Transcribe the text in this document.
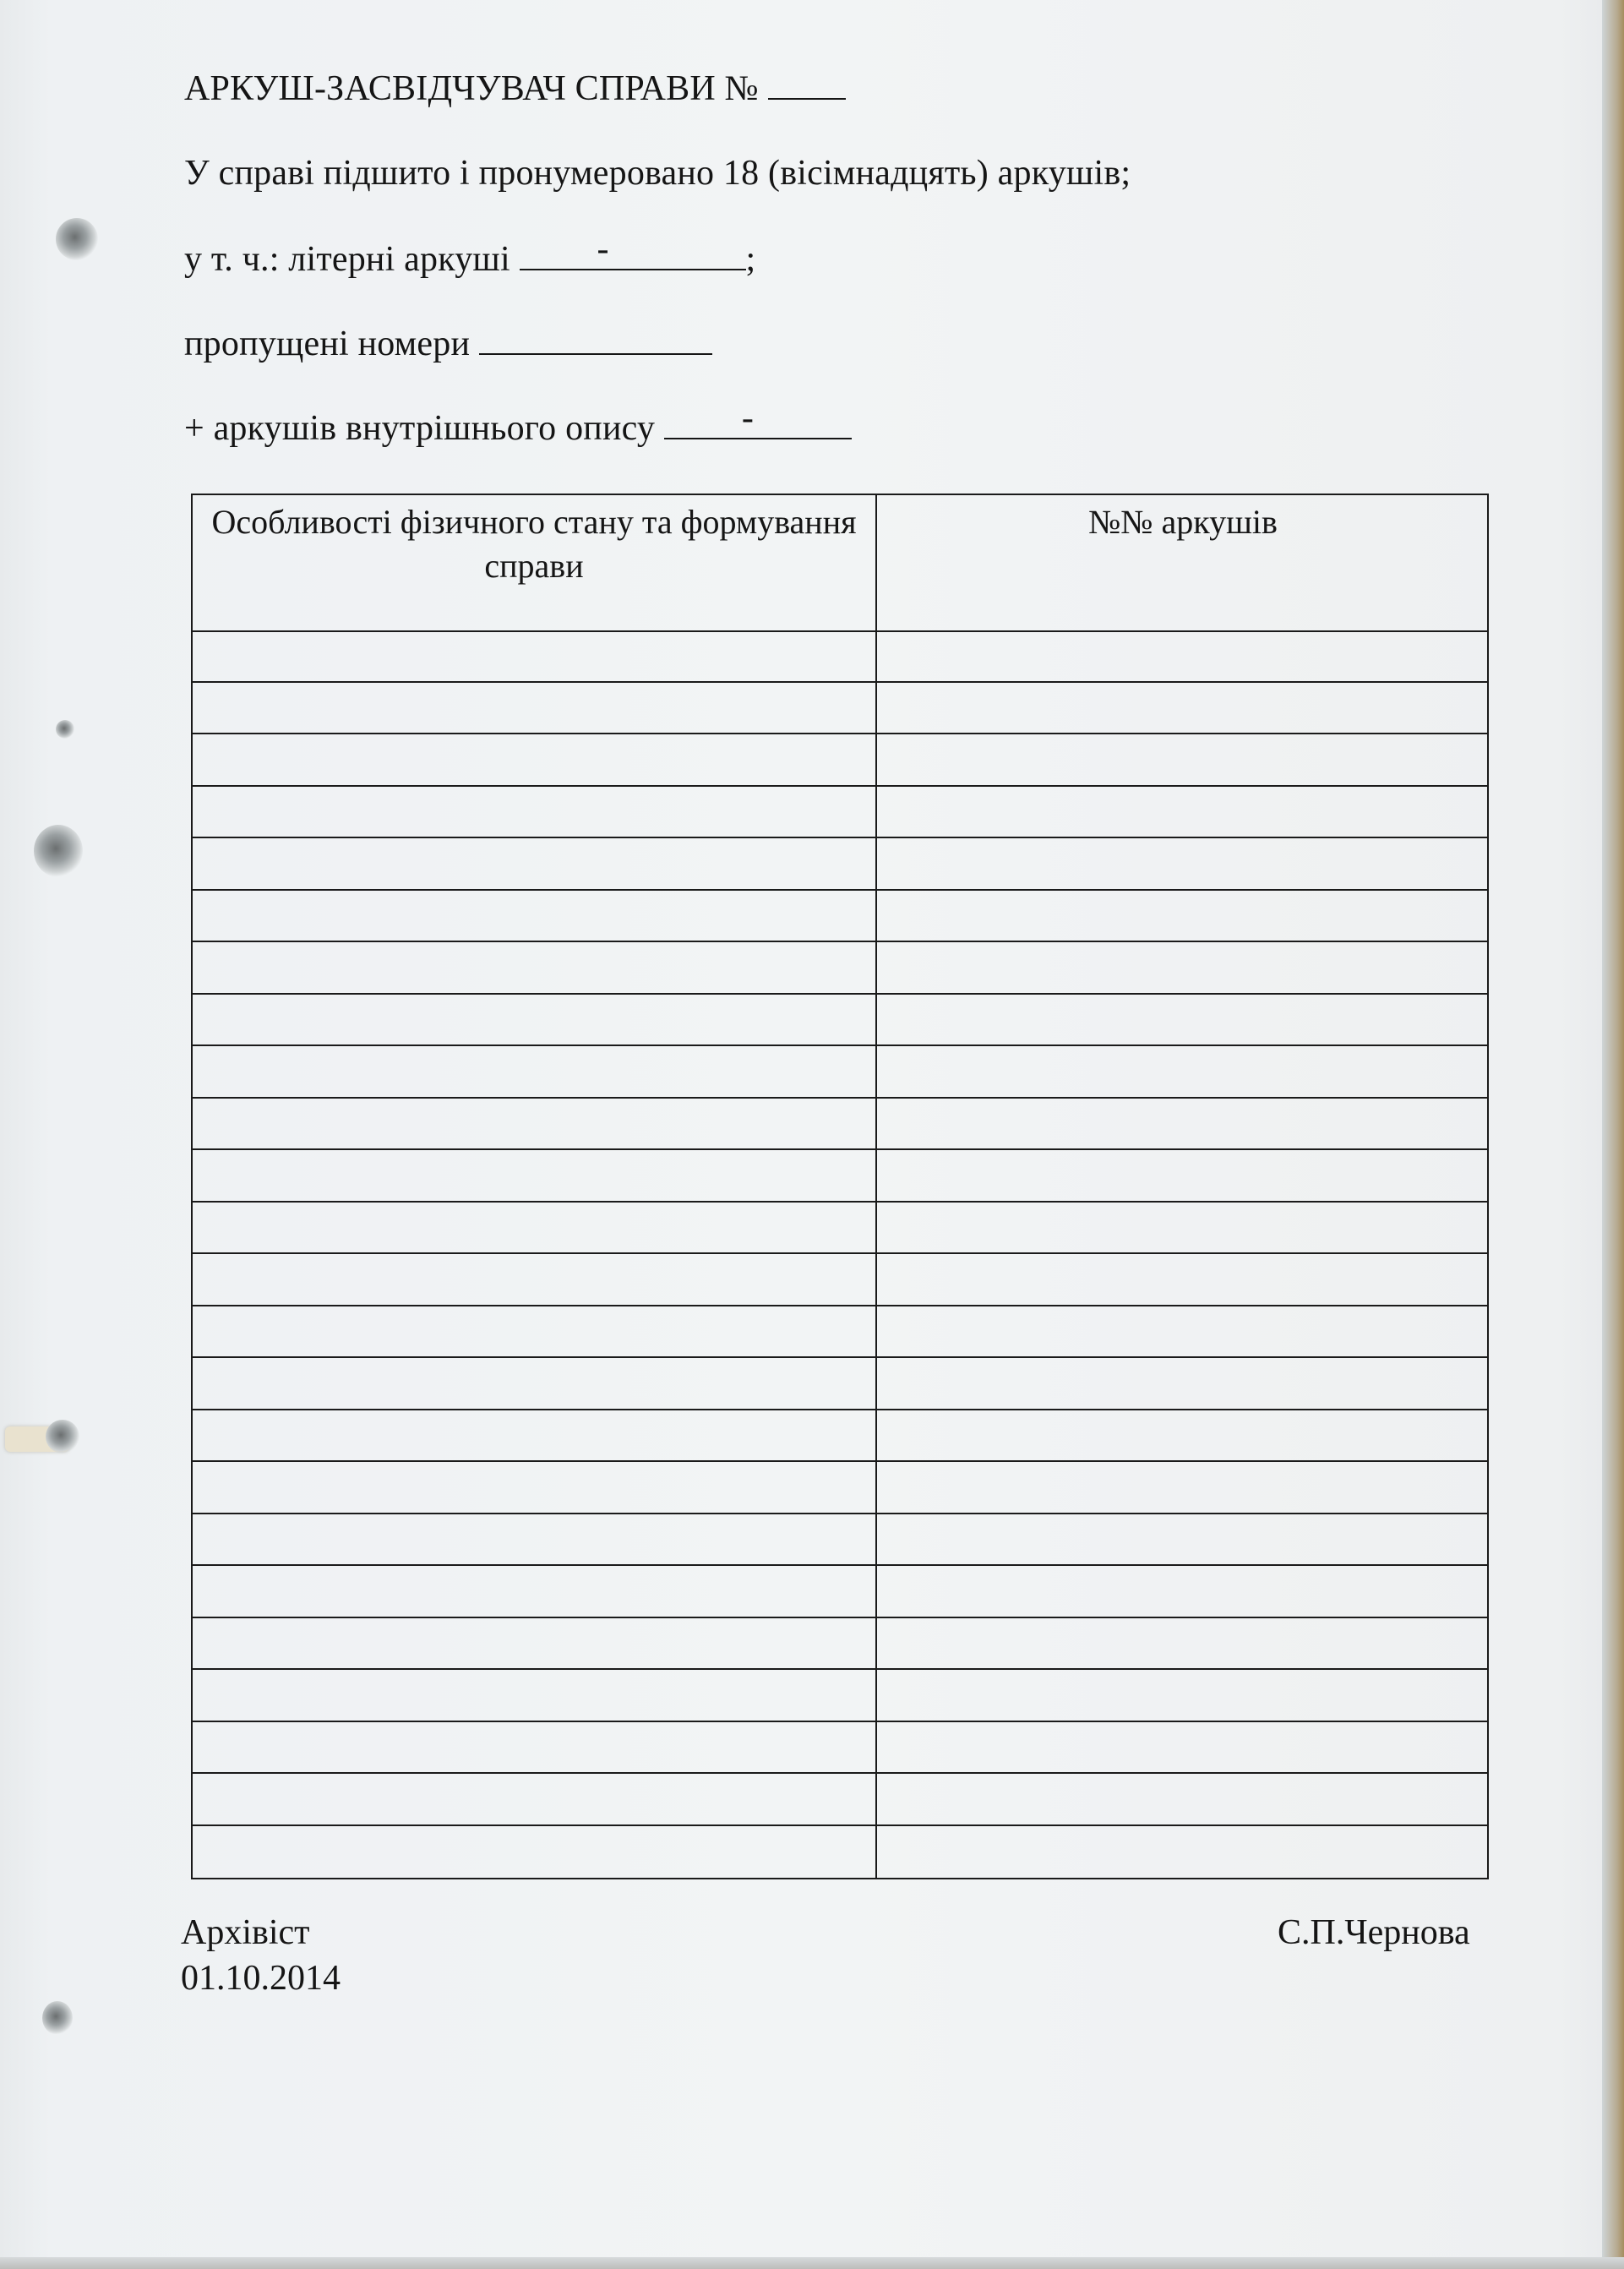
АРКУШ-ЗАСВІДЧУВАЧ СПРАВИ №
У справі підшито і пронумеровано 18 (вісімнадцять) аркушів;
у т. ч.: літерні аркуші -	;
пропущені номери
+ аркушів внутрішнього опису -
Особливості фізичного стану та формування справи
№№ аркушів
Архівіст
01.10.2014
С.П.Чернова
